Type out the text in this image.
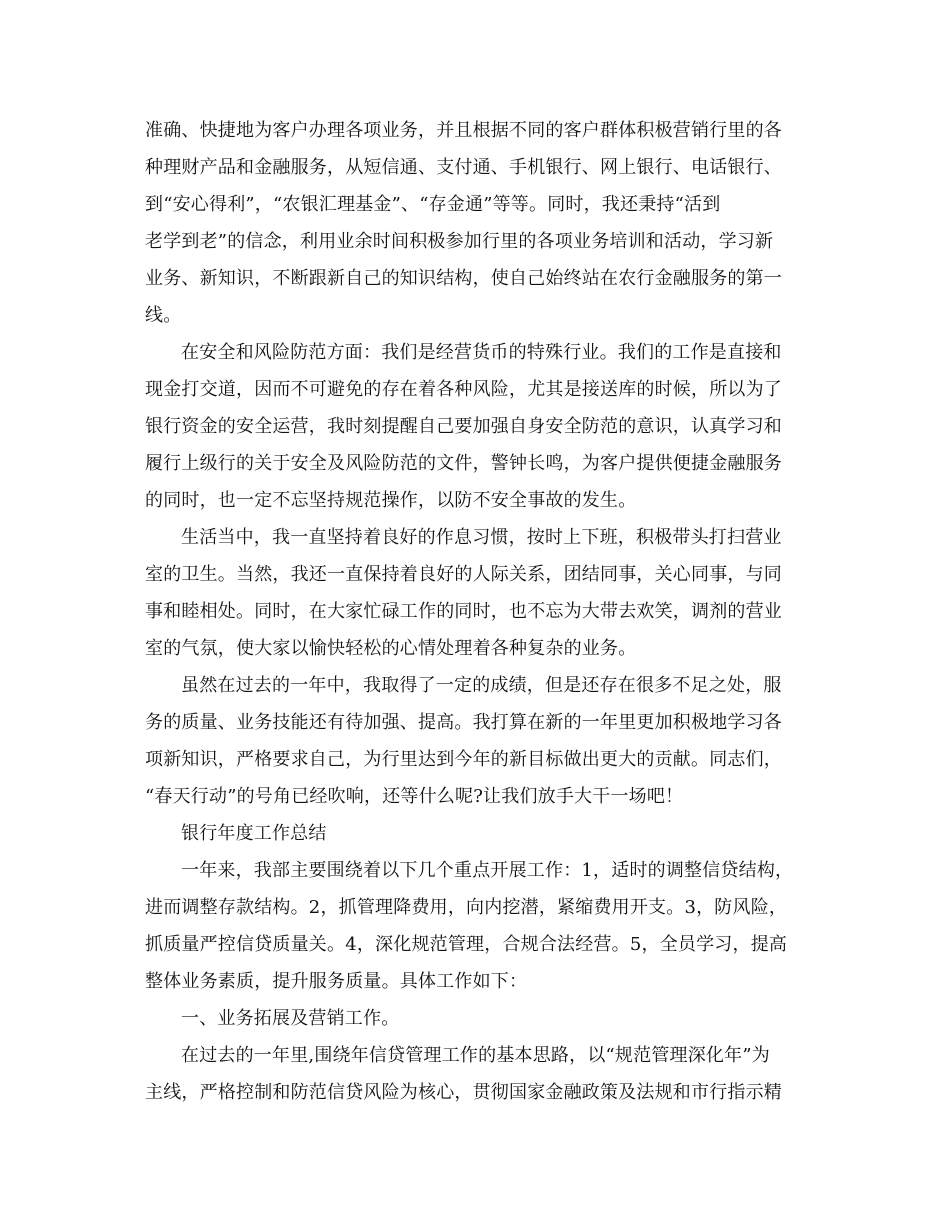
准确、快捷地为客户办理各项业务，并且根据不同的客户群体积极营销行里的各
种理财产品和金融服务，从短信通、支付通、手机银行、网上银行、电话银行、
到“安心得利”，“农银汇理基金”、“存金通”等等。同时，我还秉持“活到
老学到老”的信念，利用业余时间积极参加行里的各项业务培训和活动，学习新
业务、新知识，不断跟新自己的知识结构，使自己始终站在农行金融服务的第一
线。
在安全和风险防范方面：我们是经营货币的特殊行业。我们的工作是直接和
现金打交道，因而不可避免的存在着各种风险，尤其是接送库的时候，所以为了
银行资金的安全运营，我时刻提醒自己要加强自身安全防范的意识，认真学习和
履行上级行的关于安全及风险防范的文件，警钟长鸣，为客户提供便捷金融服务
的同时，也一定不忘坚持规范操作，以防不安全事故的发生。
生活当中，我一直坚持着良好的作息习惯，按时上下班，积极带头打扫营业
室的卫生。当然，我还一直保持着良好的人际关系，团结同事，关心同事，与同
事和睦相处。同时，在大家忙碌工作的同时，也不忘为大带去欢笑，调剂的营业
室的气氛，使大家以愉快轻松的心情处理着各种复杂的业务。
虽然在过去的一年中，我取得了一定的成绩，但是还存在很多不足之处，服
务的质量、业务技能还有待加强、提高。我打算在新的一年里更加积极地学习各
项新知识，严格要求自己，为行里达到今年的新目标做出更大的贡献。同志们，
“春天行动”的号角已经吹响，还等什么呢?让我们放手大干一场吧！
银行年度工作总结
一年来，我部主要围绕着以下几个重点开展工作：1，适时的调整信贷结构，
进而调整存款结构。2，抓管理降费用，向内挖潜，紧缩费用开支。3，防风险，
抓质量严控信贷质量关。4，深化规范管理，合规合法经营。5，全员学习，提高
整体业务素质，提升服务质量。具体工作如下：
一、业务拓展及营销工作。
在过去的一年里,围绕年信贷管理工作的基本思路，以“规范管理深化年”为
主线，严格控制和防范信贷风险为核心，贯彻国家金融政策及法规和市行指示精
